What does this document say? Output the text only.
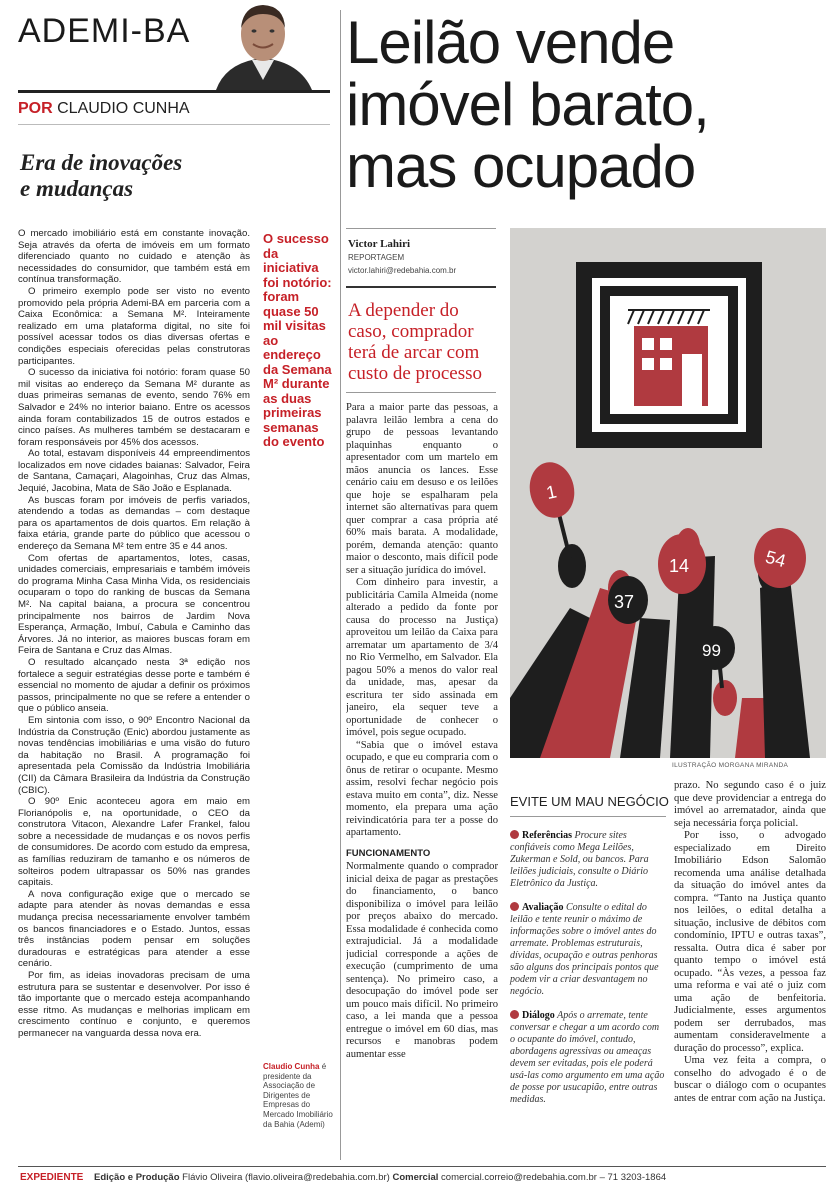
ADEMI-BA
POR CLAUDIO CUNHA
Era de inovações
e mudanças

O mercado imobiliário está em constante inovação. Seja através da oferta de imóveis em um formato diferenciado quanto no cuidado e atenção às necessidades do consumidor, que também está em contínua transformação.

O primeiro exemplo pode ser visto no evento promovido pela própria Ademi-BA em parceria com a Caixa Econômica: a Semana M². Inteiramente realizado em uma plataforma digital, no site foi possível acessar todos os dias diversas ofertas e condições especiais oferecidas pelas construtoras participantes.

O sucesso da iniciativa foi notório: foram quase 50 mil visitas ao endereço da Semana M² durante as duas primeiras semanas de evento, sendo 76% em Salvador e 24% no interior baiano. Entre os acessos ainda foram contabilizados 15 de outros estados e cinco países. As mulheres também se destacaram e foram responsáveis por 45% dos acessos.

Ao total, estavam disponíveis 44 empreendimentos localizados em nove cidades baianas: Salvador, Feira de Santana, Camaçari, Alagoinhas, Cruz das Almas, Jequié, Jacobina, Mata de São João e Esplanada.

As buscas foram por imóveis de perfis variados, atendendo a todas as demandas – com destaque para os apartamentos de dois quartos. Em relação à faixa etária, grande parte do público que acessou o endereço da Semana M² tem entre 35 e 44 anos.

Com ofertas de apartamentos, lotes, casas, unidades comerciais, empresariais e também imóveis do programa Minha Casa Minha Vida, os residenciais ocuparam o topo do ranking de buscas da Semana M². Na capital baiana, a procura se concentrou principalmente nos bairros de Jardim Nova Esperança, Armação, Imbuí, Cabula e Caminho das Árvores. Já no interior, as maiores buscas foram em Feira de Santana e Cruz das Almas.

O resultado alcançado nesta 3ª edição nos fortalece a seguir estratégias desse porte e também é essencial no momento de ajudar a definir os próximos passos, principalmente no que se refere a entender o que o público anseia.

Em sintonia com isso, o 90º Encontro Nacional da Indústria da Construção (Enic) abordou justamente as novas tendências imobiliárias e uma visão do futuro da habitação no Brasil. A programação foi apresentada pela Comissão da Indústria Imobiliária (CII) da Câmara Brasileira da Indústria da Construção (CBIC).

O 90º Enic aconteceu agora em maio em Florianópolis e, na oportunidade, o CEO da construtora Vitacon, Alexandre Lafer Frankel, falou sobre a necessidade de mudanças e os novos perfis de consumidores. De acordo com estudo da empresa, as famílias reduziram de tamanho e os números de solteiros podem ultrapassar os 50% nas grandes capitais.

A nova configuração exige que o mercado se adapte para atender às novas demandas e essa mudança precisa necessariamente envolver também os bancos financiadores e o Estado. Juntos, essas três instâncias podem pensar em soluções duradouras e estratégicas para atender a esse cenário.

Por fim, as ideias inovadoras precisam de uma estrutura para se sustentar e desenvolver. Por isso é tão importante que o mercado esteja acompanhando esse ritmo. As mudanças e melhorias implicam em crescimento contínuo e conjunto, e queremos permanecer na vanguarda dessa nova era.

O sucesso da iniciativa foi notório: foram quase 50 mil visitas ao endereço da Semana M² durante as duas primeiras semanas do evento
Claudio Cunha é presidente da Associação de Dirigentes de Empresas do Mercado Imobiliário da Bahia (Ademi)
Leilão vende
imóvel barato,
mas ocupado
Victor Lahiri
REPORTAGEM
victor.lahiri@redebahia.com.br
A depender do caso, comprador terá de arcar com custo de processo

Para a maior parte das pessoas, a palavra leilão lembra a cena do grupo de pessoas levantando plaquinhas enquanto o apresentador com um martelo em mãos anuncia os lances. Esse cenário caiu em desuso e os leilões que hoje se espalharam pela internet são alternativas para quem quer comprar a casa própria até 60% mais barata. A modalidade, porém, demanda atenção: quanto maior o desconto, mais difícil pode ser a situação jurídica do imóvel.

Com dinheiro para investir, a publicitária Camila Almeida (nome alterado a pedido da fonte por causa do processo na Justiça) aproveitou um leilão da Caixa para arrematar um apartamento de 3/4 no Rio Vermelho, em Salvador. Ela pagou 50% a menos do valor real da unidade, mas, apesar da escritura ter sido assinada em janeiro, ela sequer teve a oportunidade de conhecer o imóvel, pois segue ocupado.

“Sabia que o imóvel estava ocupado, e que eu compraria com o ônus de retirar o ocupante. Mesmo assim, resolvi fechar negócio pois estava muito em conta”, diz. Nesse momento, ela prepara uma ação reivindicatória para ter a posse do apartamento.

FUNCIONAMENTO

Normalmente quando o comprador inicial deixa de pagar as prestações do financiamento, o banco disponibiliza o imóvel para leilão por preços abaixo do mercado. Essa modalidade é conhecida como extrajudicial. Já a modalidade judicial corresponde a ações de execução (cumprimento de uma sentença). No primeiro caso, a desocupação do imóvel pode ser um pouco mais difícil. No primeiro caso, a lei manda que a pessoa entregue o imóvel em 60 dias, mas recursos e manobras podem aumentar esse

1
37
14	54
99
ILUSTRAÇÃO MORGANA MIRANDA
EVITE UM MAU NEGÓCIO
Referências Procure sites confiáveis como Mega Leilões, Zukerman e Sold, ou bancos. Para leilões judiciais, consulte o Diário Eletrônico da Justiça.
Avaliação Consulte o edital do leilão e tente reunir o máximo de informações sobre o imóvel antes do arremate. Problemas estruturais, dívidas, ocupação e outras penhoras são alguns dos principais pontos que podem vir a criar desvantagem no negócio.
Diálogo Após o arremate, tente conversar e chegar a um acordo com o ocupante do imóvel, contudo, abordagens agressivas ou ameaças devem ser evitadas, pois ele poderá usá-las como argumento em uma ação de posse por usucapião, entre outras medidas.

prazo. No segundo caso é o juiz que deve providenciar a entrega do imóvel ao arrematador, ainda que seja necessária força policial.

Por isso, o advogado especializado em Direito Imobiliário Edson Salomão recomenda uma análise detalhada da situação do imóvel antes da compra. “Tanto na Justiça quanto nos leilões, o edital detalha a situação, inclusive de débitos com condomínio, IPTU e outras taxas”, ressalta. Outra dica é saber por quanto tempo o imóvel está ocupado. “Às vezes, a pessoa faz uma reforma e vai até o juiz com uma ação de benfeitoria. Judicialmente, esses argumentos podem ser derrubados, mas aumentam consideravelmente a duração do processo”, explica.

Uma vez feita a compra, o conselho do advogado é o de buscar o diálogo com o ocupantes antes de entrar com ação na Justiça.

EXPEDIENTE Edição e Produção Flávio Oliveira (flavio.oliveira@redebahia.com.br) Comercial comercial.correio@redebahia.com.br – 71 3203-1864
